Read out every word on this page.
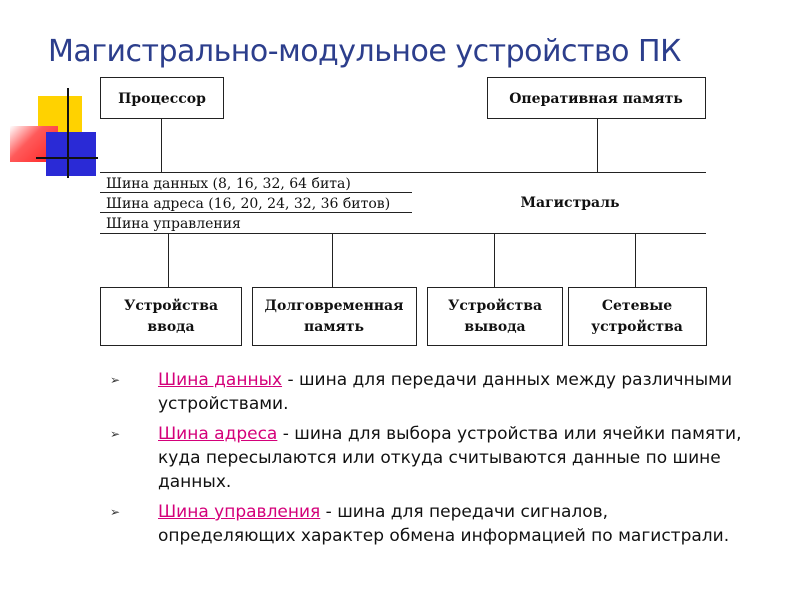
Магистрально-модульное устройство ПК
Процессор	Оперативная память
Шина данных (8, 16, 32, 64 бита)
Шина адреса (16, 20, 24, 32, 36 битов)
Шина управления
Магистраль
Устройства
ввода
Долговременная
память
Устройства
вывода
Сетевые
устройства
➢ Шина данных - шина для передачи данных между различными устройствами.
➢ Шина адреса - шина для выбора устройства или ячейки памяти, куда пересылаются или откуда считываются данные по шине данных.
➢ Шина управления - шина для передачи сигналов, определяющих характер обмена информацией по магистрали.
